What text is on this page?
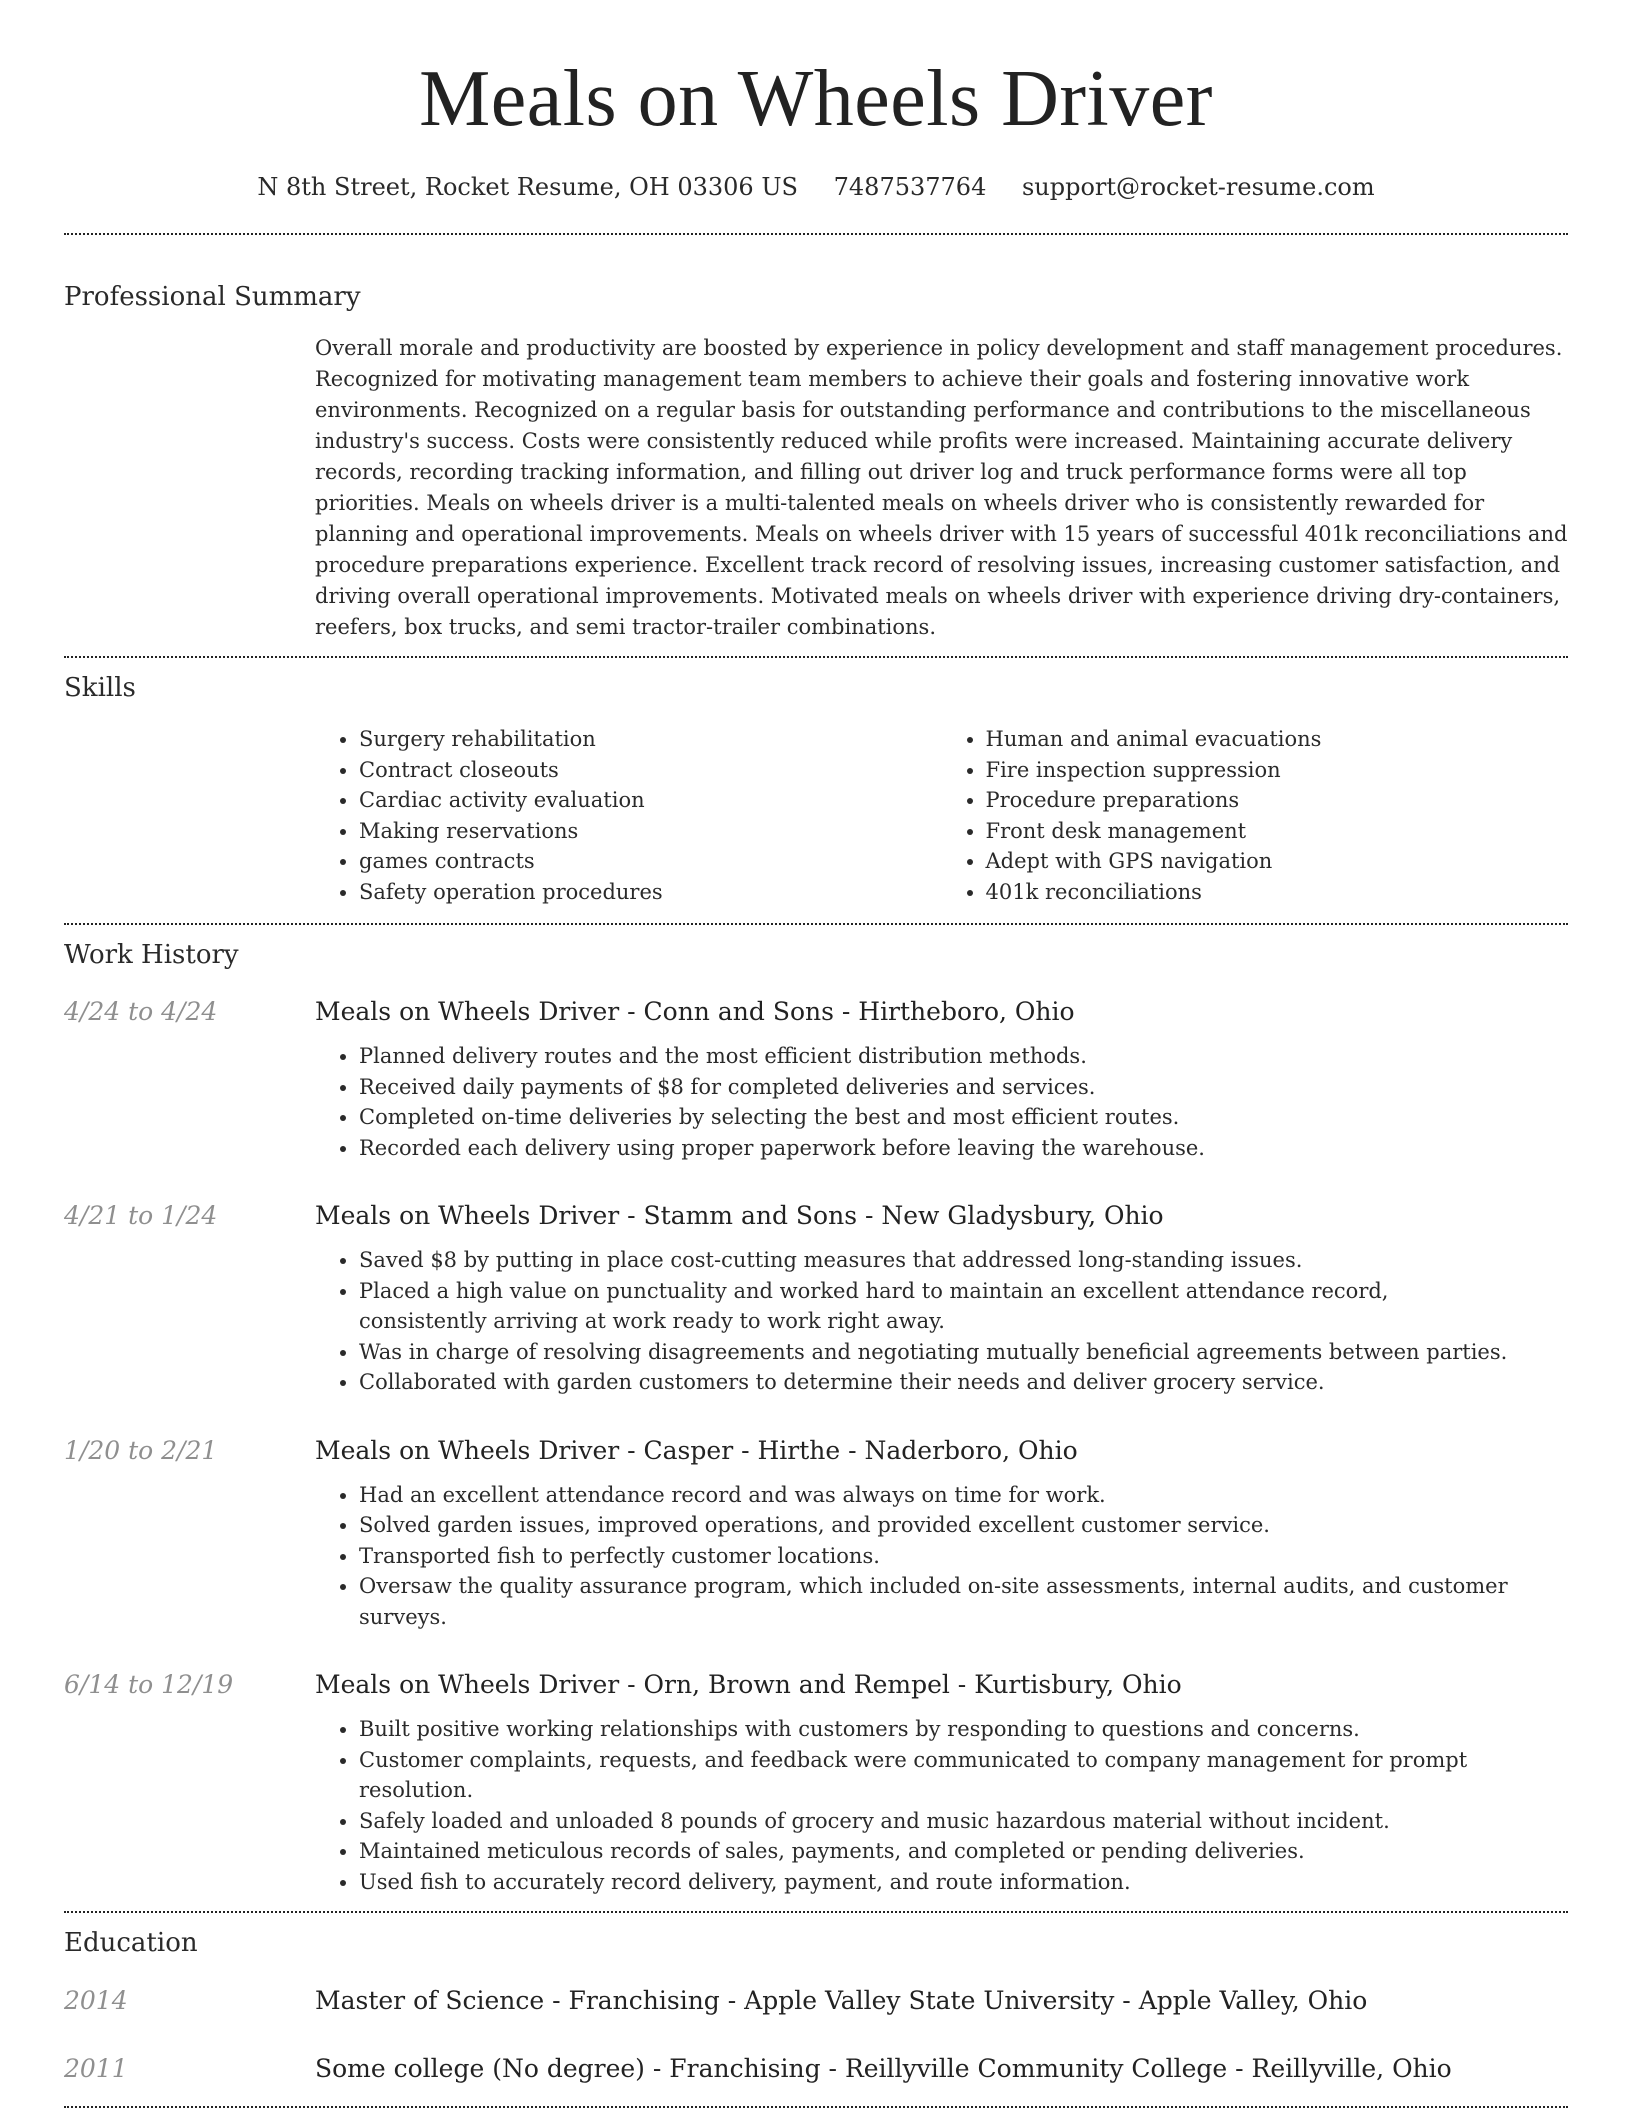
Meals on Wheels Driver
N 8th Street, Rocket Resume, OH 03306 US 7487537764 support@rocket-resume.com
Professional Summary

Overall morale and productivity are boosted by experience in policy development and staff management procedures. Recognized for motivating management team members to achieve their goals and fostering innovative work environments. Recognized on a regular basis for outstanding performance and contributions to the miscellaneous industry's success. Costs were consistently reduced while profits were increased. Maintaining accurate delivery records, recording tracking information, and filling out driver log and truck performance forms were all top priorities. Meals on wheels driver is a multi-talented meals on wheels driver who is consistently rewarded for planning and operational improvements. Meals on wheels driver with 15 years of successful 401k reconciliations and procedure preparations experience. Excellent track record of resolving issues, increasing customer satisfaction, and driving overall operational improvements. Motivated meals on wheels driver with experience driving dry-containers, reefers, box trucks, and semi tractor-trailer combinations.

Skills
• Surgery rehabilitation
• Contract closeouts
• Cardiac activity evaluation
• Making reservations
• games contracts
• Safety operation procedures
• Human and animal evacuations
• Fire inspection suppression
• Procedure preparations
• Front desk management
• Adept with GPS navigation
• 401k reconciliations
Work History
4/24 to 4/24	Meals on Wheels Driver - Conn and Sons - Hirtheboro, Ohio
• Planned delivery routes and the most efficient distribution methods.
• Received daily payments of $8 for completed deliveries and services.
• Completed on-time deliveries by selecting the best and most efficient routes.
• Recorded each delivery using proper paperwork before leaving the warehouse.
4/21 to 1/24	Meals on Wheels Driver - Stamm and Sons - New Gladysbury, Ohio
• Saved $8 by putting in place cost-cutting measures that addressed long-standing issues.
• Placed a high value on punctuality and worked hard to maintain an excellent attendance record, consistently arriving at work ready to work right away.
• Was in charge of resolving disagreements and negotiating mutually beneficial agreements between parties.
• Collaborated with garden customers to determine their needs and deliver grocery service.
1/20 to 2/21	Meals on Wheels Driver - Casper - Hirthe - Naderboro, Ohio
• Had an excellent attendance record and was always on time for work.
• Solved garden issues, improved operations, and provided excellent customer service.
• Transported fish to perfectly customer locations.
• Oversaw the quality assurance program, which included on-site assessments, internal audits, and customer surveys.
6/14 to 12/19	Meals on Wheels Driver - Orn, Brown and Rempel - Kurtisbury, Ohio
• Built positive working relationships with customers by responding to questions and concerns.
• Customer complaints, requests, and feedback were communicated to company management for prompt resolution.
• Safely loaded and unloaded 8 pounds of grocery and music hazardous material without incident.
• Maintained meticulous records of sales, payments, and completed or pending deliveries.
• Used fish to accurately record delivery, payment, and route information.
Education
2014	Master of Science - Franchising - Apple Valley State University - Apple Valley, Ohio
2011	Some college (No degree) - Franchising - Reillyville Community College - Reillyville, Ohio
